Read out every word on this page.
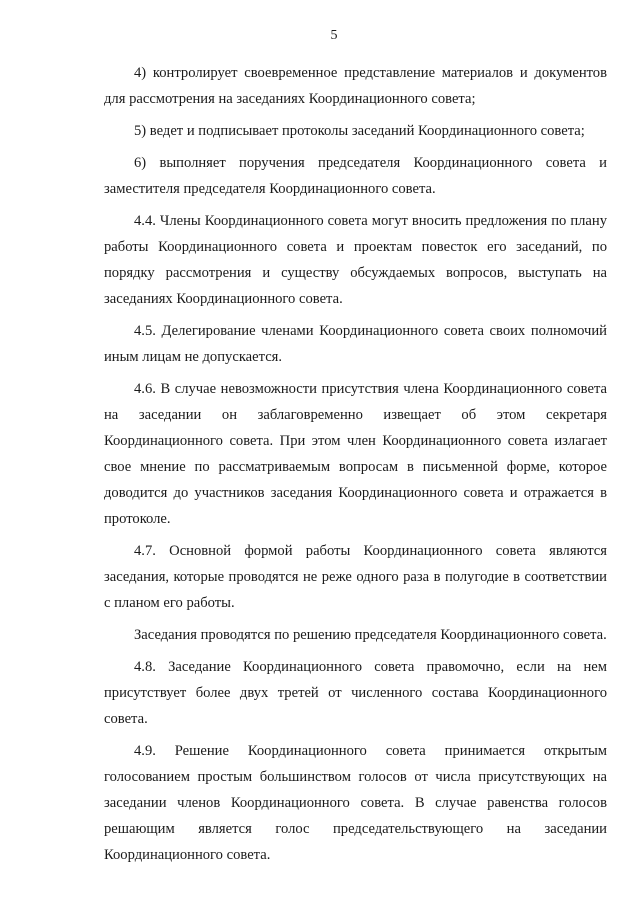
5

4) контролирует своевременное представление материалов и документов для рассмотрения на заседаниях Координационного совета;

5) ведет и подписывает протоколы заседаний Координационного совета;

6) выполняет поручения председателя Координационного совета и заместителя председателя Координационного совета.

4.4. Члены Координационного совета могут вносить предложения по плану работы Координационного совета и проектам повесток его заседаний, по порядку рассмотрения и существу обсуждаемых вопросов, выступать на заседаниях Координационного совета.

4.5. Делегирование членами Координационного совета своих полномочий иным лицам не допускается.

4.6. В случае невозможности присутствия члена Координационного совета на заседании он заблаговременно извещает об этом секретаря Координационного совета. При этом член Координационного совета излагает свое мнение по рассматриваемым вопросам в письменной форме, которое доводится до участников заседания Координационного совета и отражается в протоколе.

4.7. Основной формой работы Координационного совета являются заседания, которые проводятся не реже одного раза в полугодие в соответствии с планом его работы.

Заседания проводятся по решению председателя Координационного совета.

4.8. Заседание Координационного совета правомочно, если на нем присутствует более двух третей от численного состава Координационного совета.

4.9. Решение Координационного совета принимается открытым голосованием простым большинством голосов от числа присутствующих на заседании членов Координационного совета. В случае равенства голосов решающим является голос председательствующего на заседании Координационного совета.
